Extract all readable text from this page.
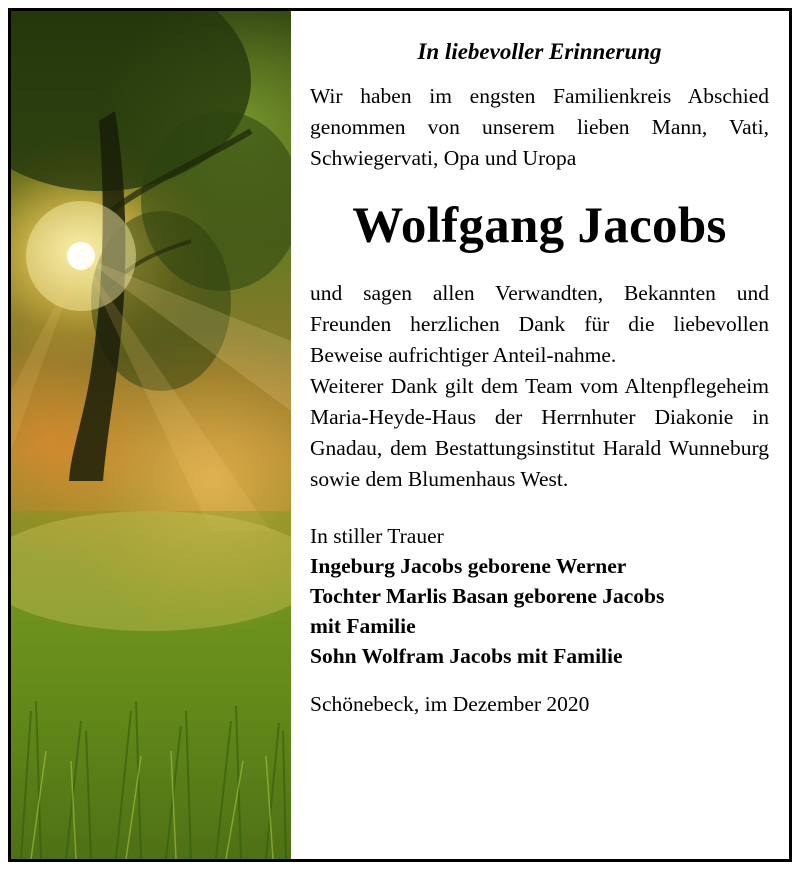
In liebevoller Erinnerung

Wir haben im engsten Familienkreis Abschied genommen von unserem lieben Mann, Vati, Schwiegervati, Opa und Uropa

Wolfgang Jacobs

und sagen allen Verwandten, Bekannten und Freunden herzlichen Dank für die liebevollen Beweise aufrichtiger Anteil-nahme.

Weiterer Dank gilt dem Team vom Altenpflegeheim Maria-Heyde-Haus der Herrnhuter Diakonie in Gnadau, dem Bestattungsinstitut Harald Wunneburg sowie dem Blumenhaus West.

In stiller Trauer

Ingeburg Jacobs geborene Werner

Tochter Marlis Basan geborene Jacobs

mit Familie

Sohn Wolfram Jacobs mit Familie

Schönebeck, im Dezember 2020
